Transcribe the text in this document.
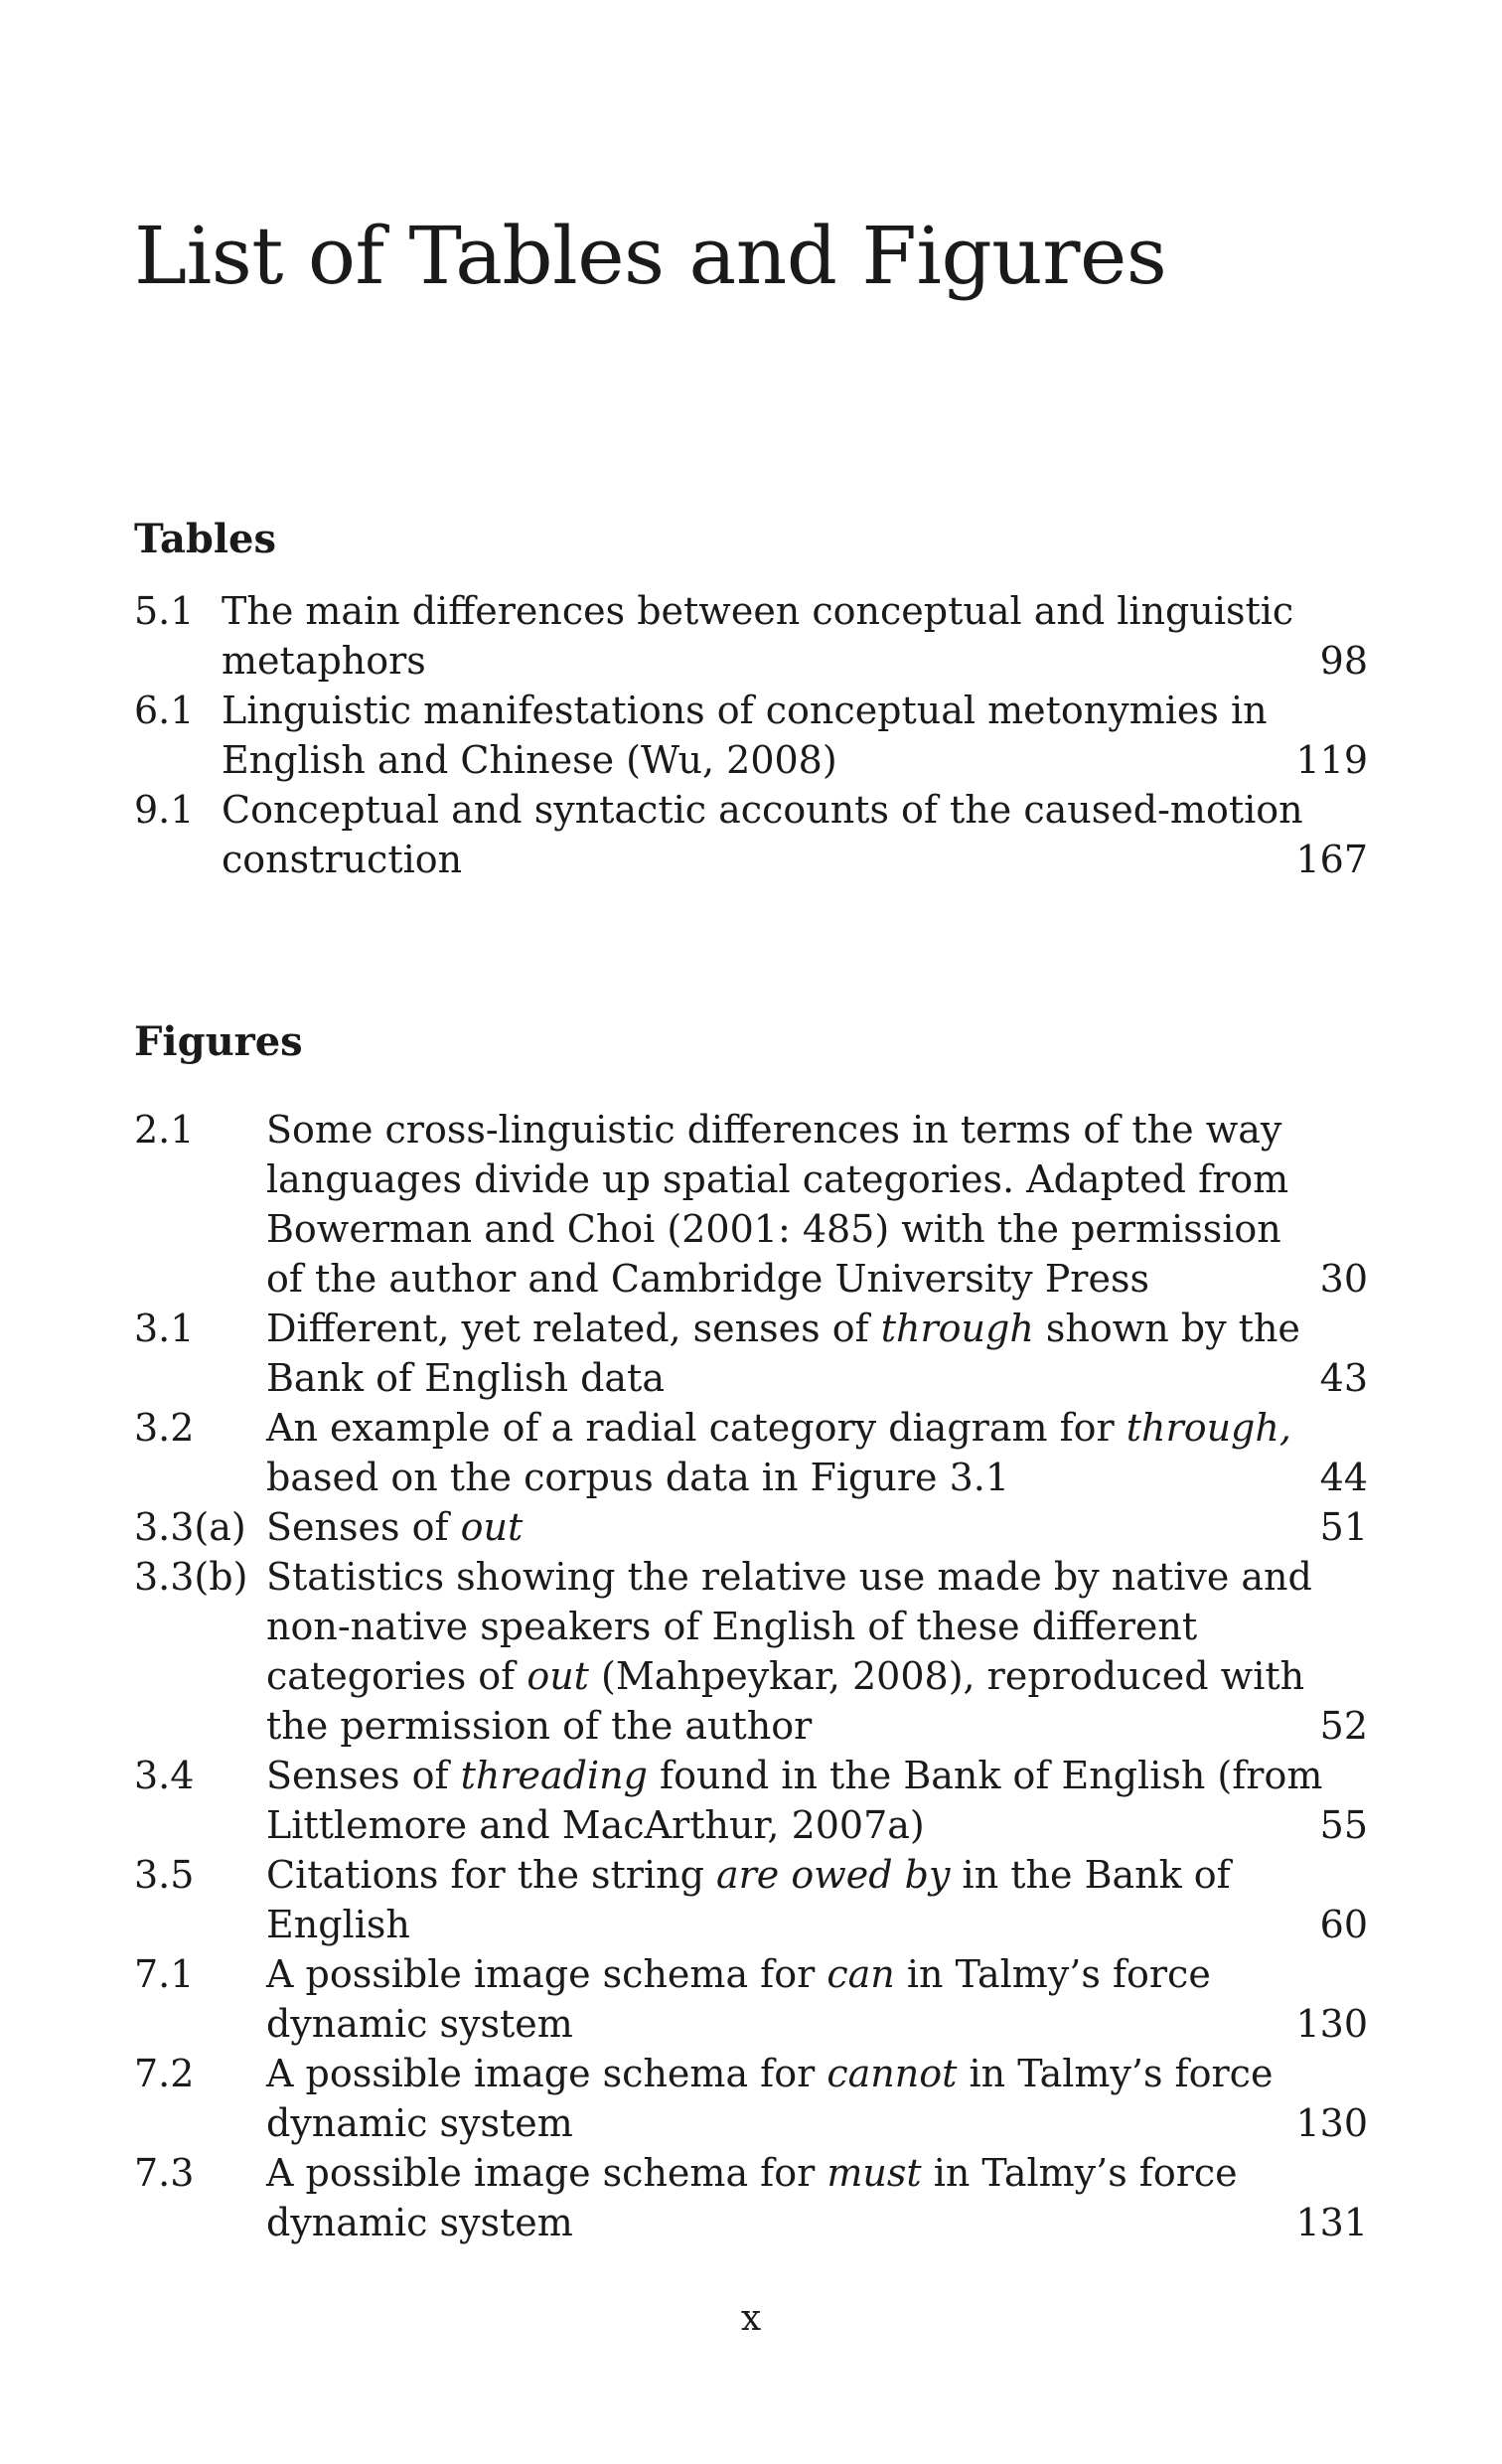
List of Tables and Figures
Tables
5.1 The main differences between conceptual and linguistic
metaphors	98
6.1 Linguistic manifestations of conceptual metonymies in
English and Chinese (Wu, 2008)	119
9.1 Conceptual and syntactic accounts of the caused-motion
construction	167
Figures
2.1	Some cross-linguistic differences in terms of the way
languages divide up spatial categories. Adapted from
Bowerman and Choi (2001: 485) with the permission
of the author and Cambridge University Press	30
3.1	Different, yet related, senses of through shown by the
Bank of English data	43
3.2	An example of a radial category diagram for through,
based on the corpus data in Figure 3.1	44
3.3(a) Senses of out	51
3.3(b) Statistics showing the relative use made by native and
non-native speakers of English of these different
categories of out (Mahpeykar, 2008), reproduced with
the permission of the author	52
3.4	Senses of threading found in the Bank of English (from
Littlemore and MacArthur, 2007a)	55
3.5	Citations for the string are owed by in the Bank of
English	60
7.1	A possible image schema for can in Talmy’s force
dynamic system	130
7.2	A possible image schema for cannot in Talmy’s force
dynamic system	130
7.3	A possible image schema for must in Talmy’s force
dynamic system	131
x
